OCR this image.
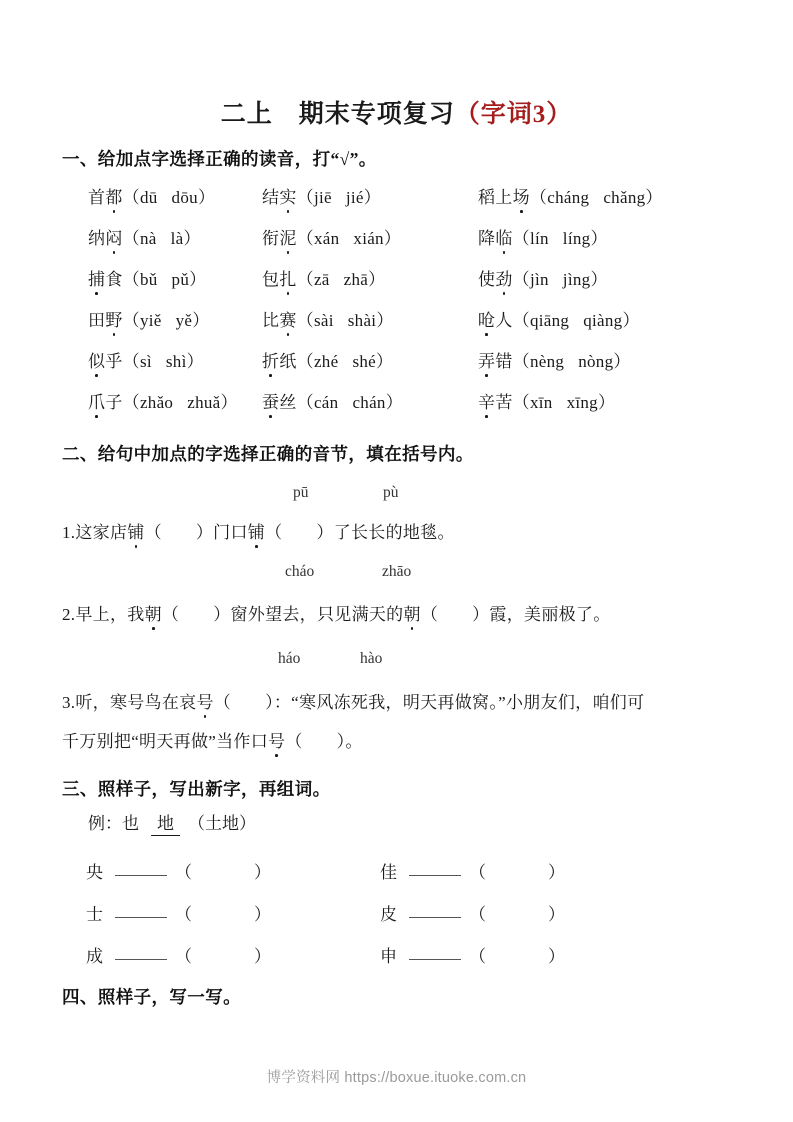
二上　期末专项复习（字词3）
一、给加点字选择正确的读音，打“√”。
首都（dū dōu）	结实（jiē jié）	稻上场（cháng chǎng）
纳闷（nà là）	衔泥（xán xián）	降临（lín líng）
捕食（bǔ pǔ）	包扎（zā zhā）	使劲（jìn jìng）
田野（yiě yě）	比赛（sài shài）	呛人（qiāng qiàng）
似乎（sì shì）	折纸（zhé shé）	弄错（nèng nòng）
爪子（zhǎo zhuǎ） 蚕丝（cán chán）	辛苦（xīn xīng）
二、给句中加点的字选择正确的音节，填在括号内。
pū	pù
1.这家店铺（ ）门口铺（ ）了长长的地毯。
cháo	zhāo
2.早上，我朝（ ）窗外望去，只见满天的朝（ ）霞，美丽极了。
háo	hào
3.听，寒号鸟在哀号（ ）：“寒风冻死我，明天再做窝。”小朋友们，咱们可
千万别把“明天再做”当作口号（ ）。
三、照样子，写出新字，再组词。
例：也 地 （土地）
央	（	）	佳	（	）
士	（	）	皮	（	）
成	（	）	申	（	）
四、照样子，写一写。
博学资料网 https://boxue.ituoke.com.cn
